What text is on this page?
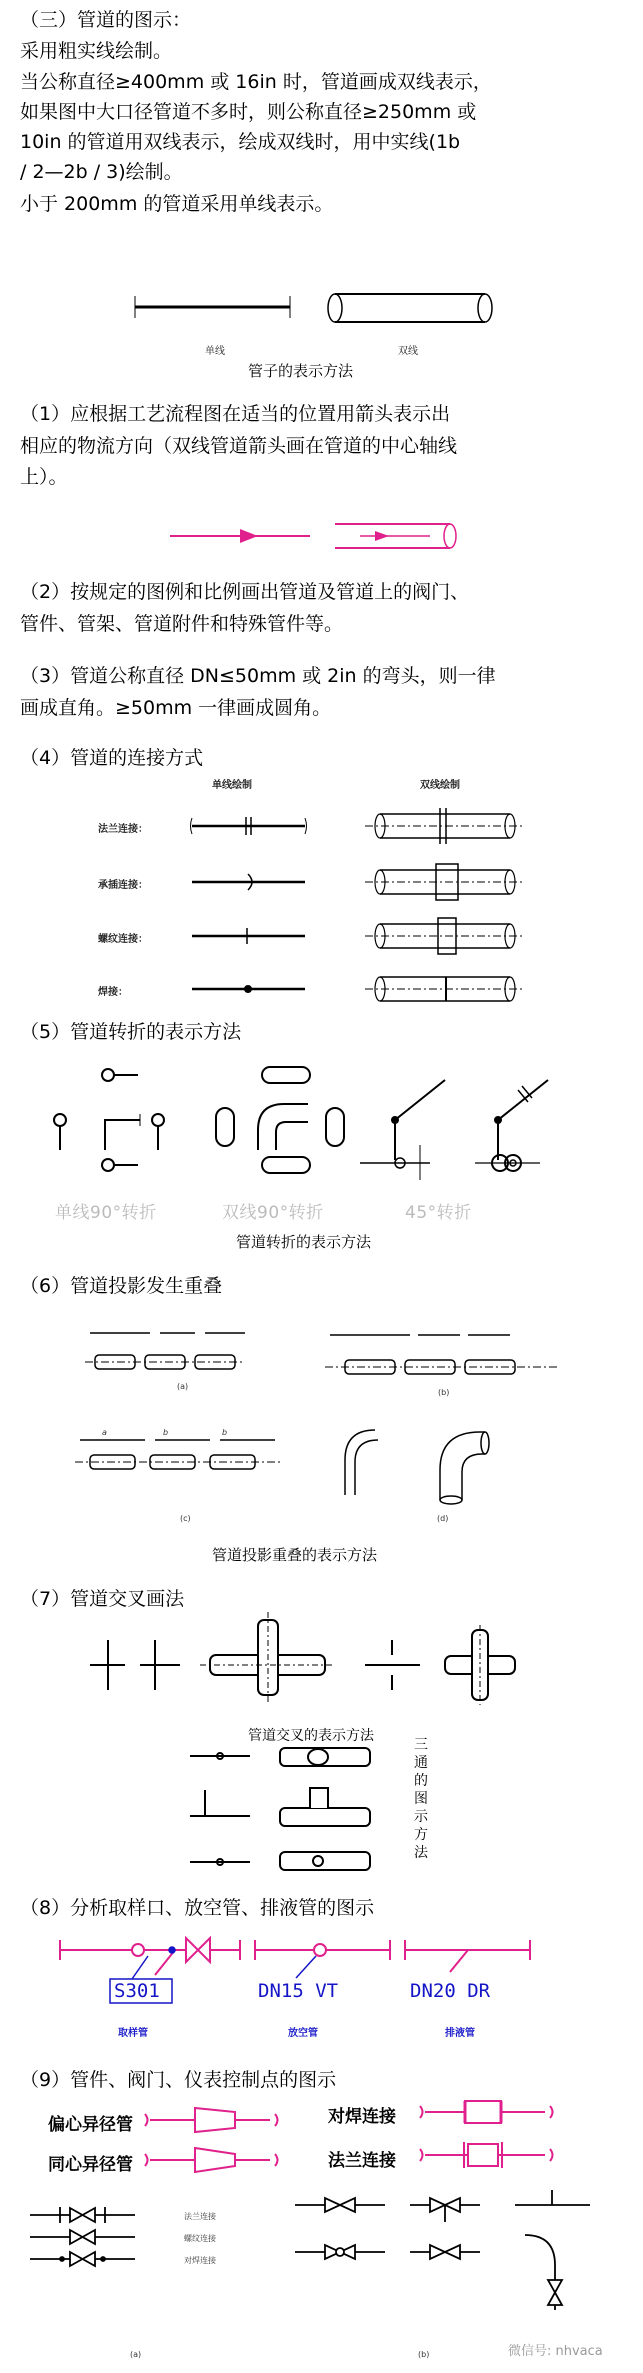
（三）管道的图示：
采用粗实线绘制。
当公称直径≥400mm 或 16in 时，管道画成双线表示，
如果图中大口径管道不多时，则公称直径≥250mm 或
10in 的管道用双线表示，绘成双线时，用中实线(1b
/ 2—2b / 3)绘制。
小于 200mm 的管道采用单线表示。
单线	双线
管子的表示方法
（1）应根据工艺流程图在适当的位置用箭头表示出
相应的物流方向（双线管道箭头画在管道的中心轴线
上）。
（2）按规定的图例和比例画出管道及管道上的阀门、
管件、管架、管道附件和特殊管件等。
（3）管道公称直径 DN≤50mm 或 2in 的弯头，则一律
画成直角。≥50mm 一律画成圆角。
（4）管道的连接方式
单线绘制	双线绘制
法兰连接：
承插连接：
螺纹连接：
焊接：
（5）管道转折的表示方法
单线90°转折	双线90°转折	45°转折
管道转折的表示方法
（6）管道投影发生重叠
(a)
(b)
(c)	(d)
a	b	b
管道投影重叠的表示方法
（7）管道交叉画法
管道交叉的表示方法
三
通
的
图
示
方
法
（8）分析取样口、放空管、排液管的图示
S301	DN15 VT	DN20 DR
取样管	放空管	排液管
（9）管件、阀门、仪表控制点的图示
偏心异径管
同心异径管
对焊连接
法兰连接
法兰连接
螺纹连接
对焊连接
(a)	(b)	微信号: nhvaca
